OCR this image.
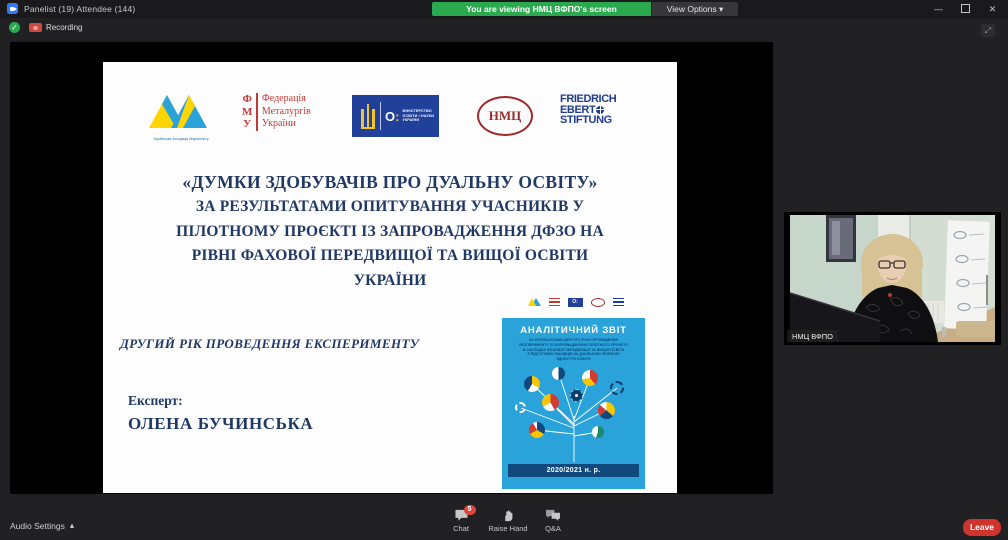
Panelist (19) Attendee (144)	You are viewing НМЦ ВФПО's screen	View Options ▾	—	✕
✓	Recording	⤢
Українська Асоціація Маркетингу
Ф
М
У
Федерація
Металургів
України	О : МІНІСТЕРСТВО
ОСВІТИ І НАУКИ
УКРАЇНИ	НМЦ
FRIEDRICH
EBERT
STIFTUNG
«ДУМКИ ЗДОБУВАЧІВ ПРО ДУАЛЬНУ ОСВІТУ»
ЗА РЕЗУЛЬТАТАМИ ОПИТУВАННЯ УЧАСНИКІВ У
ПІЛОТНОМУ ПРОЄКТІ ІЗ ЗАПРОВАДЖЕННЯ ДФЗО НА
РІВНІ ФАХОВОЇ ПЕРЕДВИЩОЇ ТА ВИЩОЇ ОСВІТИ
УКРАЇНИ
ДРУГИЙ РІК ПРОВЕДЕННЯ ЕКСПЕРИМЕНТУ
Експерт:
ОЛЕНА БУЧИНСЬКА
О:
АНАЛІТИЧНИЙ ЗВІТ
ЗА РЕЗУЛЬТАТАМИ ДРУГОГО РОКУ ПРОВЕДЕННЯ
ЕКСПЕРИМЕНТУ ІЗ ЗАПРОВАДЖЕННЯ ПІЛОТНОГО ПРОЄКТУ
В ЗАКЛАДАХ ФАХОВОЇ ПЕРЕДВИЩОЇ ТА ВИЩОЇ ОСВІТИ
З ПІДГОТОВКИ ФАХІВЦІВ ЗА ДУАЛЬНОЮ ФОРМОЮ
ЗДОБУТТЯ ОСВІТИ
2020/2021 н. р.
НМЦ ВФПО
Audio Settings ▴
5
Chat	Raise Hand Q&A	Leave
